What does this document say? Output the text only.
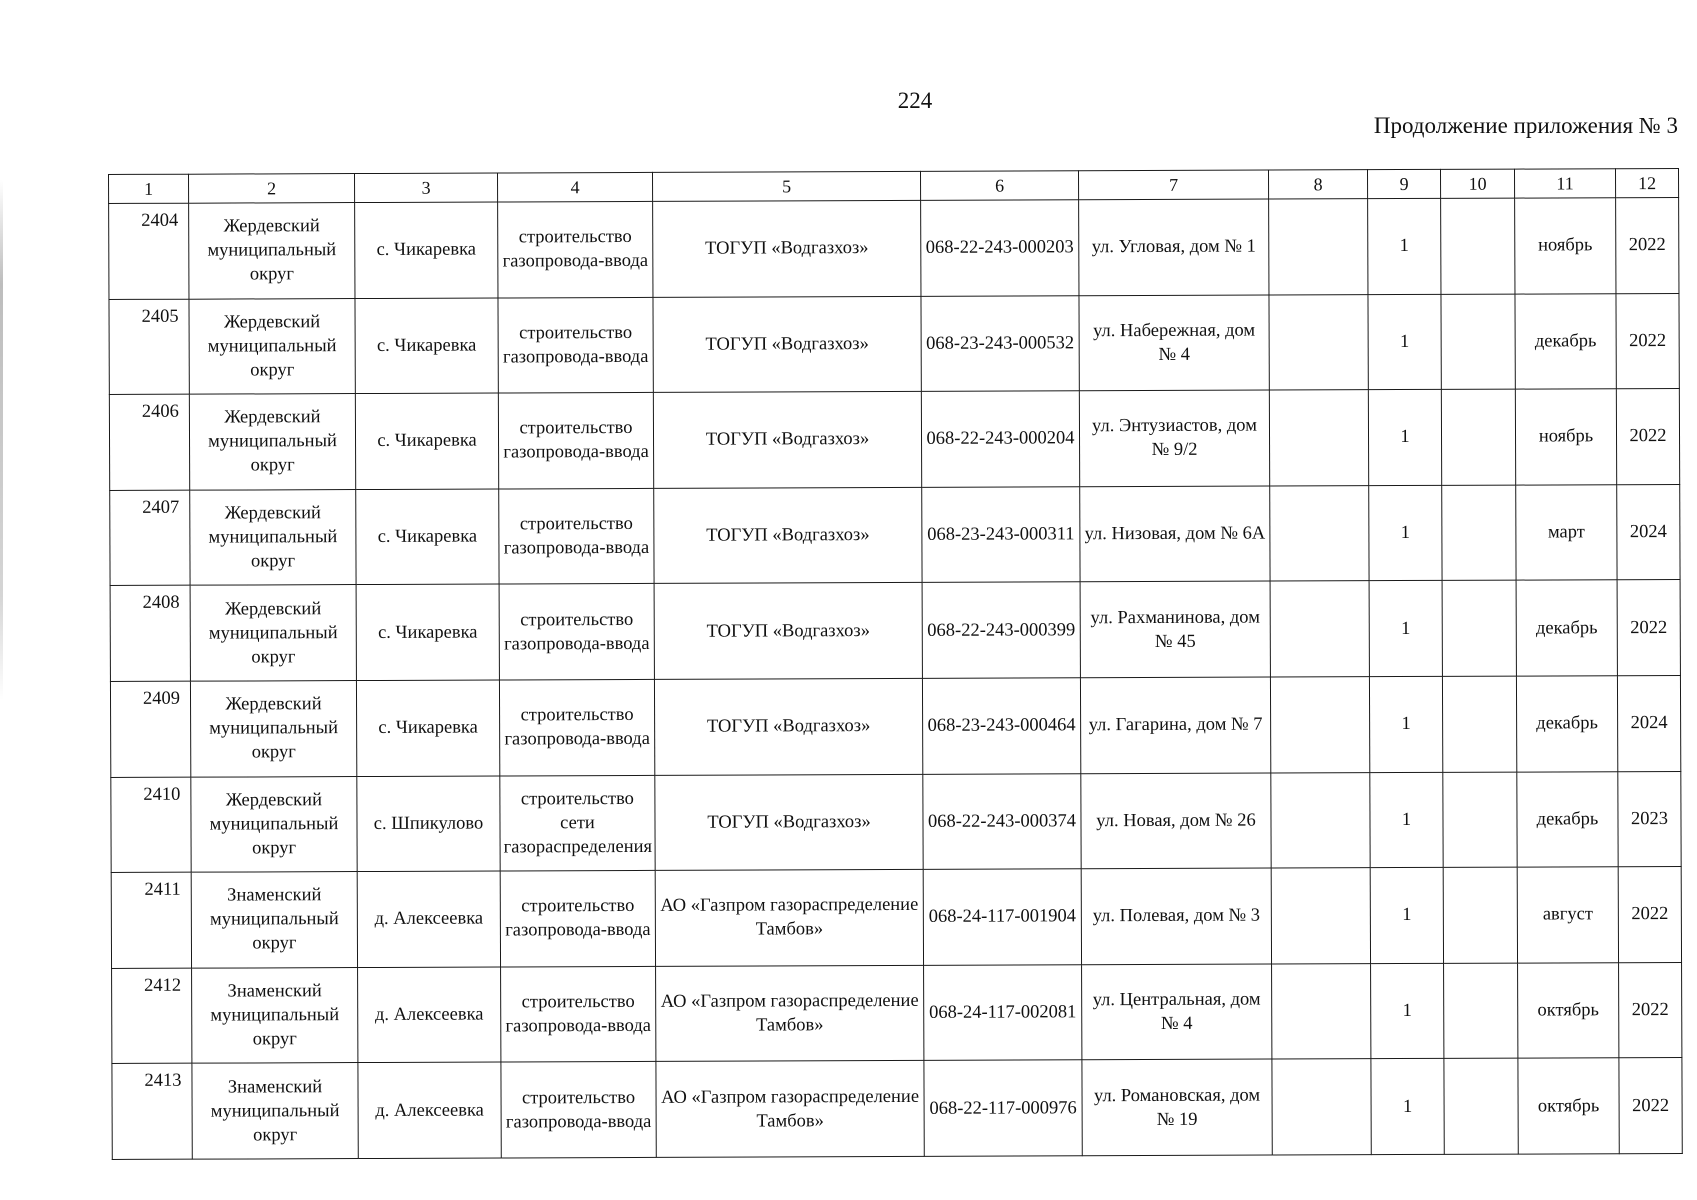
224
Продолжение приложения № 3
1	2	3	4	5	6	7	8	9	10	11	12
2404	Жердевский муниципальный округ	с. Чикаревка	строительство газопровода-ввода	ТОГУП «Водгазхоз»	068-22-243-000203	ул. Угловая, дом № 1		1		ноябрь	2022
2405	Жердевский муниципальный округ	с. Чикаревка	строительство газопровода-ввода	ТОГУП «Водгазхоз»	068-23-243-000532	ул. Набережная, дом № 4		1		декабрь	2022
2406	Жердевский муниципальный округ	с. Чикаревка	строительство газопровода-ввода	ТОГУП «Водгазхоз»	068-22-243-000204	ул. Энтузиастов, дом № 9/2		1		ноябрь	2022
2407	Жердевский муниципальный округ	с. Чикаревка	строительство газопровода-ввода	ТОГУП «Водгазхоз»	068-23-243-000311	ул. Низовая, дом № 6А		1		март	2024
2408	Жердевский муниципальный округ	с. Чикаревка	строительство газопровода-ввода	ТОГУП «Водгазхоз»	068-22-243-000399	ул. Рахманинова, дом № 45		1		декабрь	2022
2409	Жердевский муниципальный округ	с. Чикаревка	строительство газопровода-ввода	ТОГУП «Водгазхоз»	068-23-243-000464	ул. Гагарина, дом № 7		1		декабрь	2024
2410	Жердевский муниципальный округ	с. Шпикулово	строительство сети газораспределения	ТОГУП «Водгазхоз»	068-22-243-000374	ул. Новая, дом № 26		1		декабрь	2023
2411	Знаменский муниципальный округ	д. Алексеевка	строительство газопровода-ввода	АО «Газпром газораспределение Тамбов»	068-24-117-001904	ул. Полевая, дом № 3		1		август	2022
2412	Знаменский муниципальный округ	д. Алексеевка	строительство газопровода-ввода	АО «Газпром газораспределение Тамбов»	068-24-117-002081	ул. Центральная, дом № 4		1		октябрь	2022
2413	Знаменский муниципальный округ	д. Алексеевка	строительство газопровода-ввода	АО «Газпром газораспределение Тамбов»	068-22-117-000976	ул. Романовская, дом № 19		1		октябрь	2022
